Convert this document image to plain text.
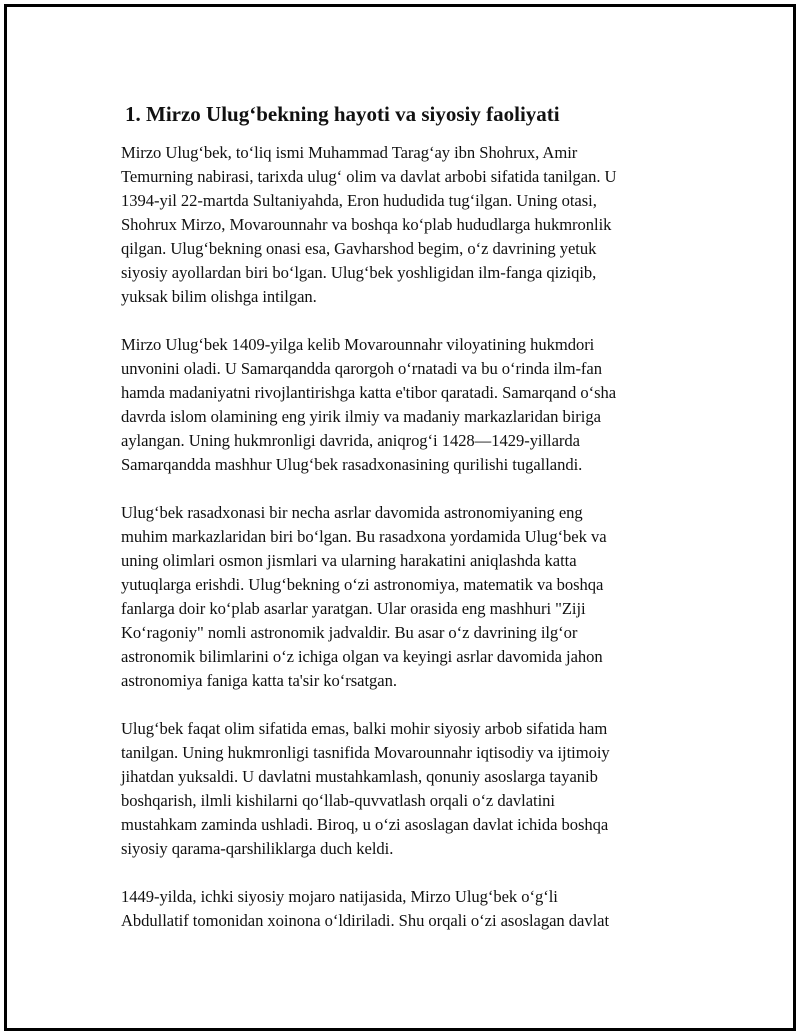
1. Mirzo Ulug‘bekning hayoti va siyosiy faoliyati
Mirzo Ulug‘bek, to‘liq ismi Muhammad Tarag‘ay ibn Shohrux, Amir
Temurning nabirasi, tarixda ulug‘ olim va davlat arbobi sifatida tanilgan. U
1394-yil 22-martda Sultaniyahda, Eron hududida tug‘ilgan. Uning otasi,
Shohrux Mirzo, Movarounnahr va boshqa ko‘plab hududlarga hukmronlik
qilgan. Ulug‘bekning onasi esa, Gavharshod begim, o‘z davrining yetuk
siyosiy ayollardan biri bo‘lgan. Ulug‘bek yoshligidan ilm-fanga qiziqib,
yuksak bilim olishga intilgan.
Mirzo Ulug‘bek 1409-yilga kelib Movarounnahr viloyatining hukmdori
unvonini oladi. U Samarqandda qarorgoh o‘rnatadi va bu o‘rinda ilm-fan
hamda madaniyatni rivojlantirishga katta e'tibor qaratadi. Samarqand o‘sha
davrda islom olamining eng yirik ilmiy va madaniy markazlaridan biriga
aylangan. Uning hukmronligi davrida, aniqrog‘i 1428—1429-yillarda
Samarqandda mashhur Ulug‘bek rasadxonasining qurilishi tugallandi.
Ulug‘bek rasadxonasi bir necha asrlar davomida astronomiyaning eng
muhim markazlaridan biri bo‘lgan. Bu rasadxona yordamida Ulug‘bek va
uning olimlari osmon jismlari va ularning harakatini aniqlashda katta
yutuqlarga erishdi. Ulug‘bekning o‘zi astronomiya, matematik va boshqa
fanlarga doir ko‘plab asarlar yaratgan. Ular orasida eng mashhuri "Ziji
Ko‘ragoniy" nomli astronomik jadvaldir. Bu asar o‘z davrining ilg‘or
astronomik bilimlarini o‘z ichiga olgan va keyingi asrlar davomida jahon
astronomiya faniga katta ta'sir ko‘rsatgan.
Ulug‘bek faqat olim sifatida emas, balki mohir siyosiy arbob sifatida ham
tanilgan. Uning hukmronligi tasnifida Movarounnahr iqtisodiy va ijtimoiy
jihatdan yuksaldi. U davlatni mustahkamlash, qonuniy asoslarga tayanib
boshqarish, ilmli kishilarni qo‘llab-quvvatlash orqali o‘z davlatini
mustahkam zaminda ushladi. Biroq, u o‘zi asoslagan davlat ichida boshqa
siyosiy qarama-qarshiliklarga duch keldi.
1449-yilda, ichki siyosiy mojaro natijasida, Mirzo Ulug‘bek o‘g‘li
Abdullatif tomonidan xoinona o‘ldiriladi. Shu orqali o‘zi asoslagan davlat
